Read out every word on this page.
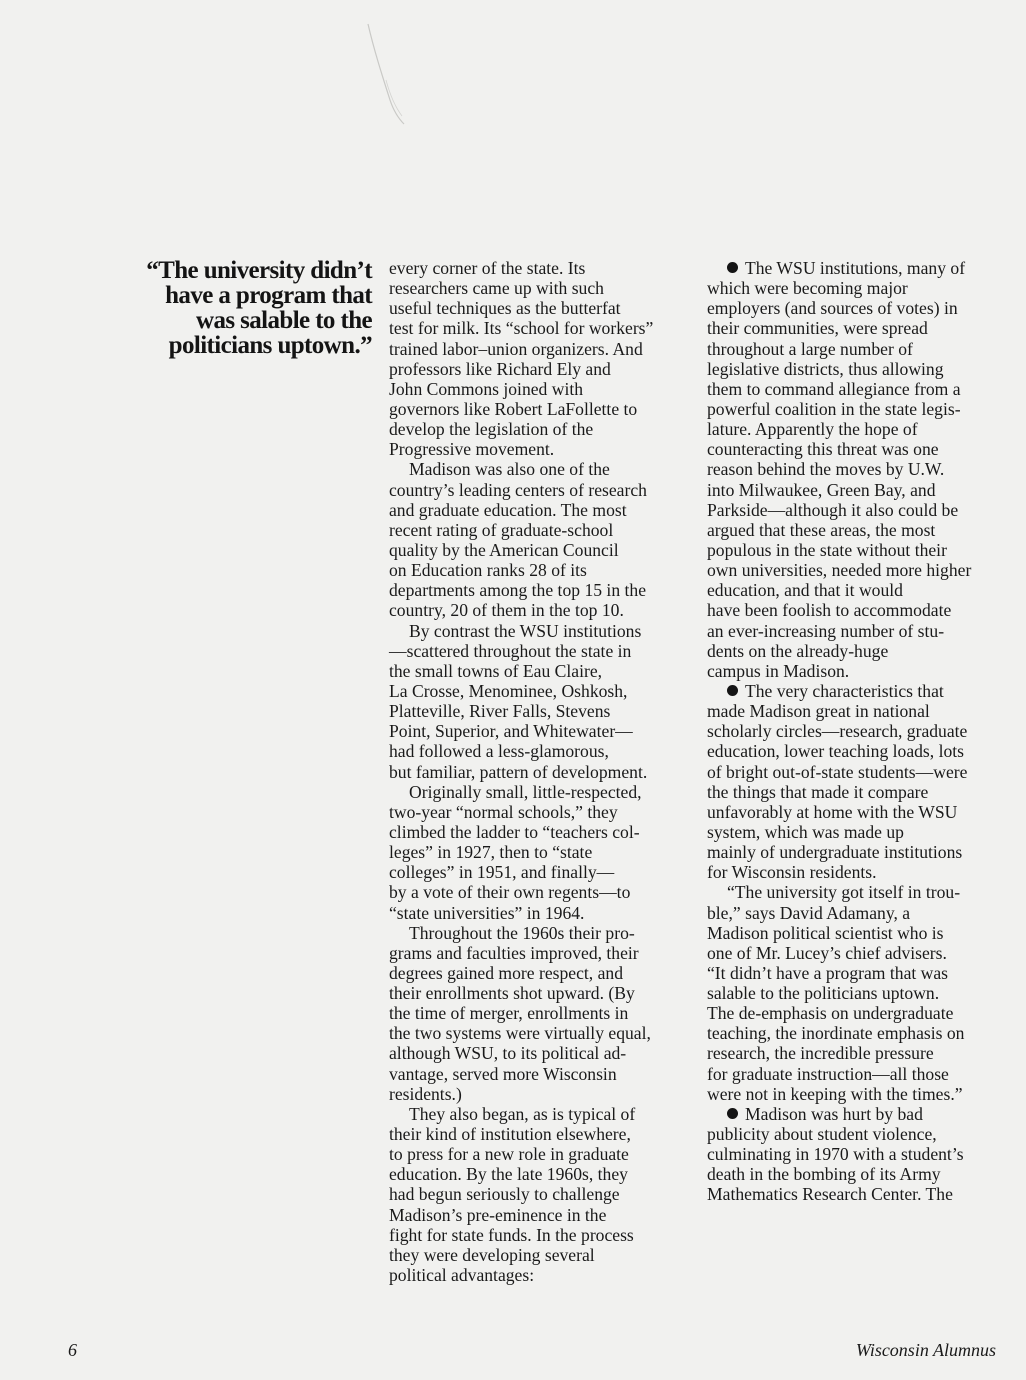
“The university didn’t
have a program that
was salable to the
politicians uptown.”
every corner of the state. Its
researchers came up with such
useful techniques as the butterfat
test for milk. Its “school for workers”
trained labor–union organizers. And
professors like Richard Ely and
John Commons joined with
governors like Robert LaFollette to
develop the legislation of the
Progressive movement.
Madison was also one of the
country’s leading centers of research
and graduate education. The most
recent rating of graduate-school
quality by the American Council
on Education ranks 28 of its
departments among the top 15 in the
country, 20 of them in the top 10.
By contrast the WSU institutions
—scattered throughout the state in
the small towns of Eau Claire,
La Crosse, Menominee, Oshkosh,
Platteville, River Falls, Stevens
Point, Superior, and Whitewater—
had followed a less-glamorous,
but familiar, pattern of development.
Originally small, little-respected,
two-year “normal schools,” they
climbed the ladder to “teachers col-
leges” in 1927, then to “state
colleges” in 1951, and finally—
by a vote of their own regents—to
“state universities” in 1964.
Throughout the 1960s their pro-
grams and faculties improved, their
degrees gained more respect, and
their enrollments shot upward. (By
the time of merger, enrollments in
the two systems were virtually equal,
although WSU, to its political ad-
vantage, served more Wisconsin
residents.)
They also began, as is typical of
their kind of institution elsewhere,
to press for a new role in graduate
education. By the late 1960s, they
had begun seriously to challenge
Madison’s pre-eminence in the
fight for state funds. In the process
they were developing several
political advantages:
The WSU institutions, many of
which were becoming major
employers (and sources of votes) in
their communities, were spread
throughout a large number of
legislative districts, thus allowing
them to command allegiance from a
powerful coalition in the state legis-
lature. Apparently the hope of
counteracting this threat was one
reason behind the moves by U.W.
into Milwaukee, Green Bay, and
Parkside—although it also could be
argued that these areas, the most
populous in the state without their
own universities, needed more higher
education, and that it would
have been foolish to accommodate
an ever-increasing number of stu-
dents on the already-huge
campus in Madison.
The very characteristics that
made Madison great in national
scholarly circles—research, graduate
education, lower teaching loads, lots
of bright out-of-state students—were
the things that made it compare
unfavorably at home with the WSU
system, which was made up
mainly of undergraduate institutions
for Wisconsin residents.
“The university got itself in trou-
ble,” says David Adamany, a
Madison political scientist who is
one of Mr. Lucey’s chief advisers.
“It didn’t have a program that was
salable to the politicians uptown.
The de-emphasis on undergraduate
teaching, the inordinate emphasis on
research, the incredible pressure
for graduate instruction—all those
were not in keeping with the times.”
Madison was hurt by bad
publicity about student violence,
culminating in 1970 with a student’s
death in the bombing of its Army
Mathematics Research Center. The
6	Wisconsin Alumnus
